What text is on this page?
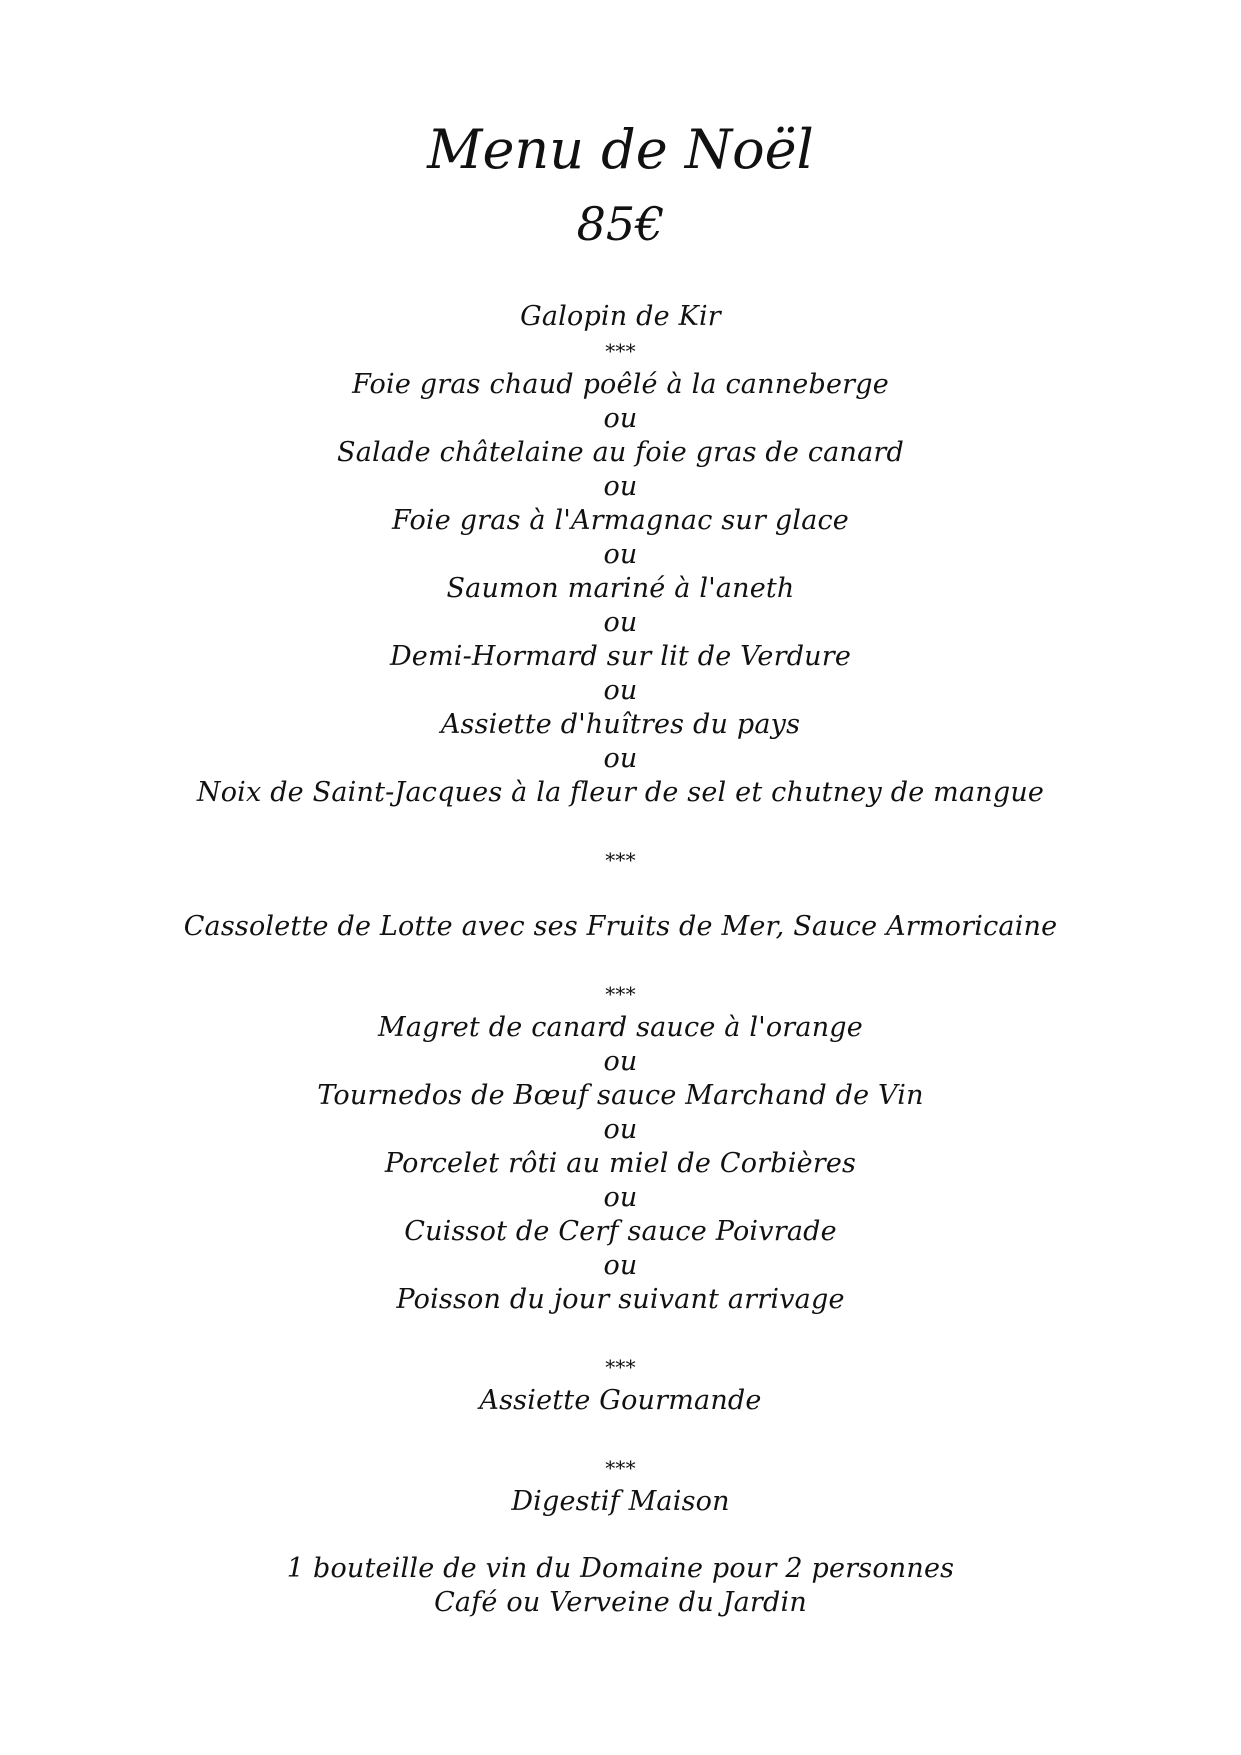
Menu de Noël
85€
Galopin de Kir
***
Foie gras chaud poêlé à la canneberge
ou
Salade châtelaine au foie gras de canard
ou
Foie gras à l'Armagnac sur glace
ou
Saumon mariné à l'aneth
ou
Demi-Hormard sur lit de Verdure
ou
Assiette d'huîtres du pays
ou
Noix de Saint-Jacques à la fleur de sel et chutney de mangue
***
Cassolette de Lotte avec ses Fruits de Mer, Sauce Armoricaine
***
Magret de canard sauce à l'orange
ou
Tournedos de Bœuf sauce Marchand de Vin
ou
Porcelet rôti au miel de Corbières
ou
Cuissot de Cerf sauce Poivrade
ou
Poisson du jour suivant arrivage
***
Assiette Gourmande
***
Digestif Maison
1 bouteille de vin du Domaine pour 2 personnes
Café ou Verveine du Jardin
